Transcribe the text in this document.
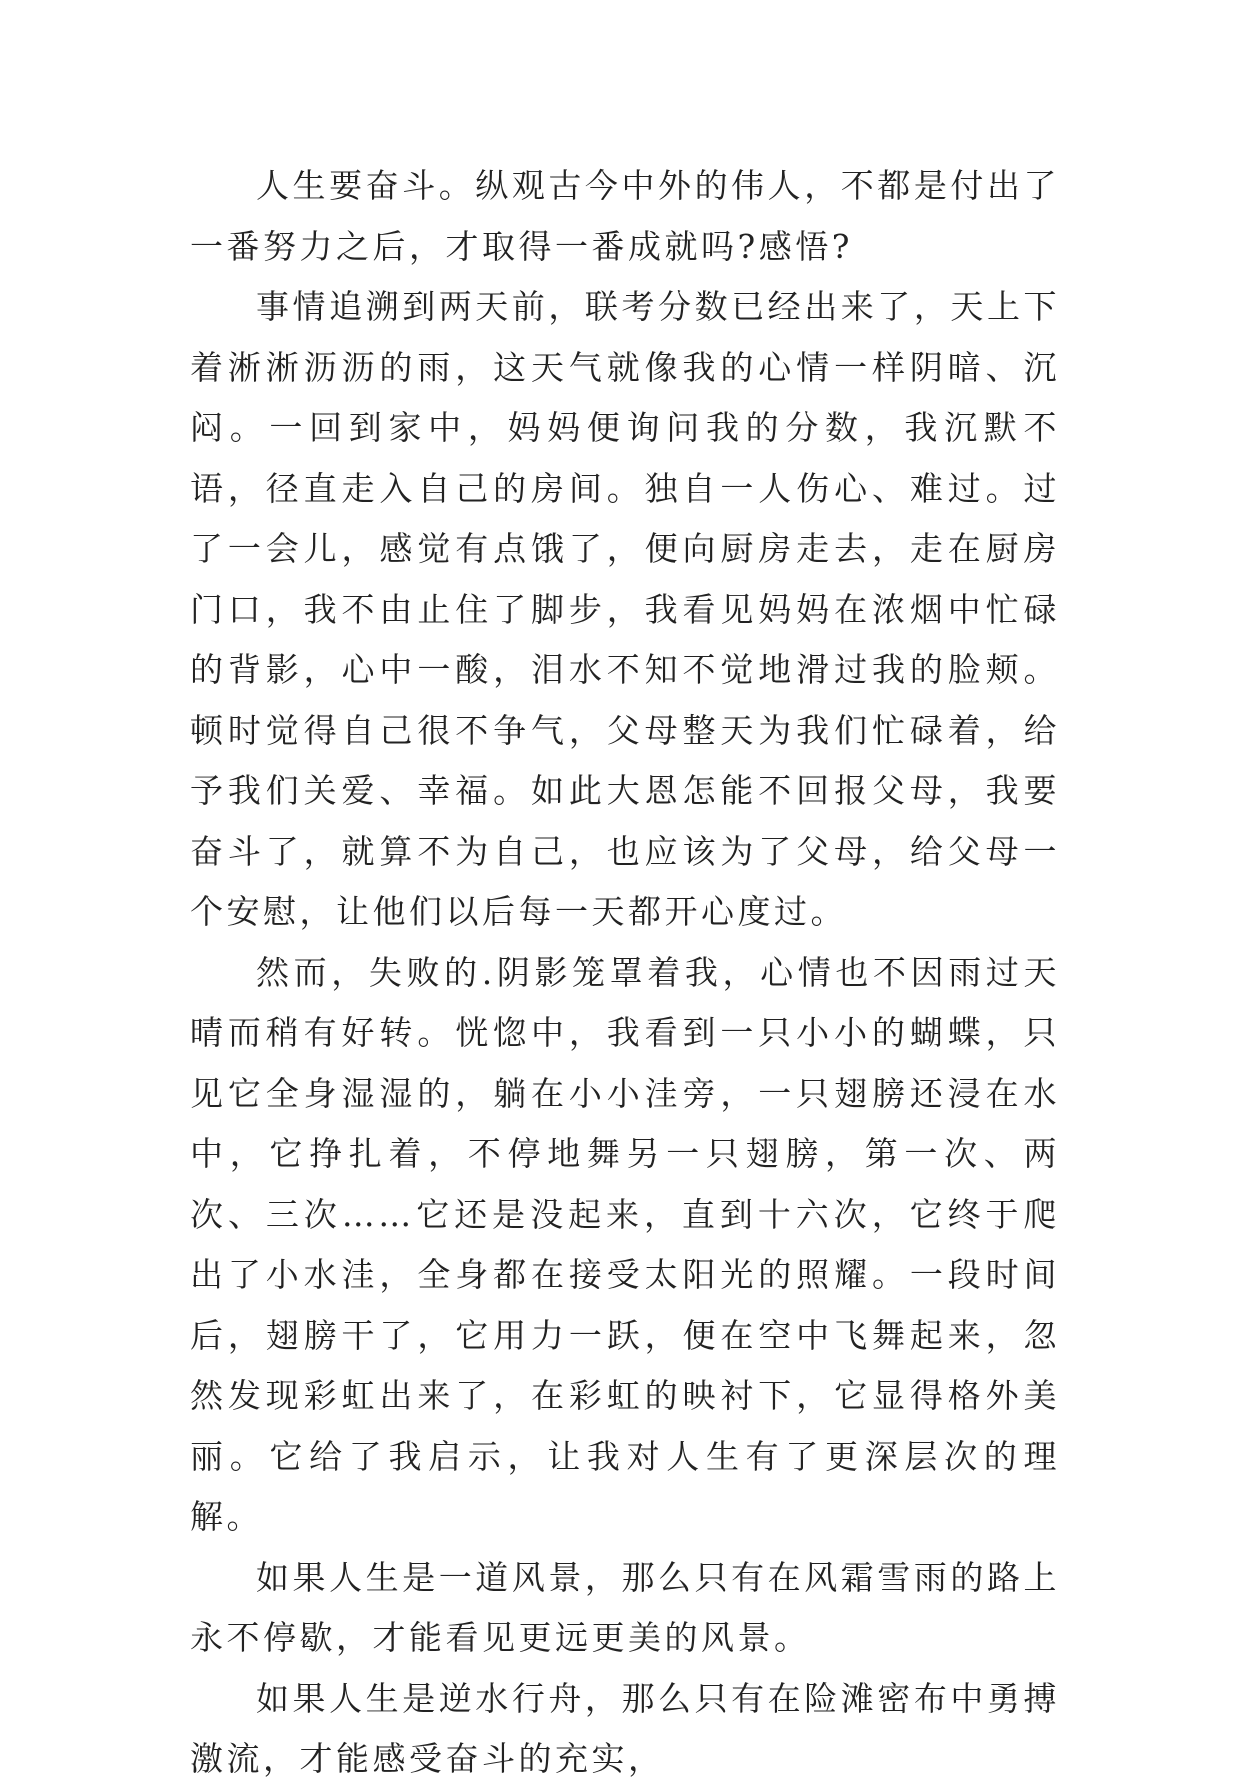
人生要奋斗。纵观古今中外的伟人，不都是付出了一番努力之后，才取得一番成就吗?感悟?

事情追溯到两天前，联考分数已经出来了，天上下着淅淅沥沥的雨，这天气就像我的心情一样阴暗、沉闷。一回到家中，妈妈便询问我的分数，我沉默不语，径直走入自己的房间。独自一人伤心、难过。过了一会儿，感觉有点饿了，便向厨房走去，走在厨房门口，我不由止住了脚步，我看见妈妈在浓烟中忙碌的背影，心中一酸，泪水不知不觉地滑过我的脸颊。顿时觉得自己很不争气，父母整天为我们忙碌着，给予我们关爱、幸福。如此大恩怎能不回报父母，我要奋斗了，就算不为自己，也应该为了父母，给父母一个安慰，让他们以后每一天都开心度过。

然而，失败的.阴影笼罩着我，心情也不因雨过天晴而稍有好转。恍惚中，我看到一只小小的蝴蝶，只见它全身湿湿的，躺在小小洼旁，一只翅膀还浸在水中，它挣扎着，不停地舞另一只翅膀，第一次、两次、三次……它还是没起来，直到十六次，它终于爬出了小水洼，全身都在接受太阳光的照耀。一段时间后，翅膀干了，它用力一跃，便在空中飞舞起来，忽然发现彩虹出来了，在彩虹的映衬下，它显得格外美丽。它给了我启示，让我对人生有了更深层次的理解。

如果人生是一道风景，那么只有在风霜雪雨的路上永不停歇，才能看见更远更美的风景。

如果人生是逆水行舟，那么只有在险滩密布中勇搏激流，才能感受奋斗的充实，
